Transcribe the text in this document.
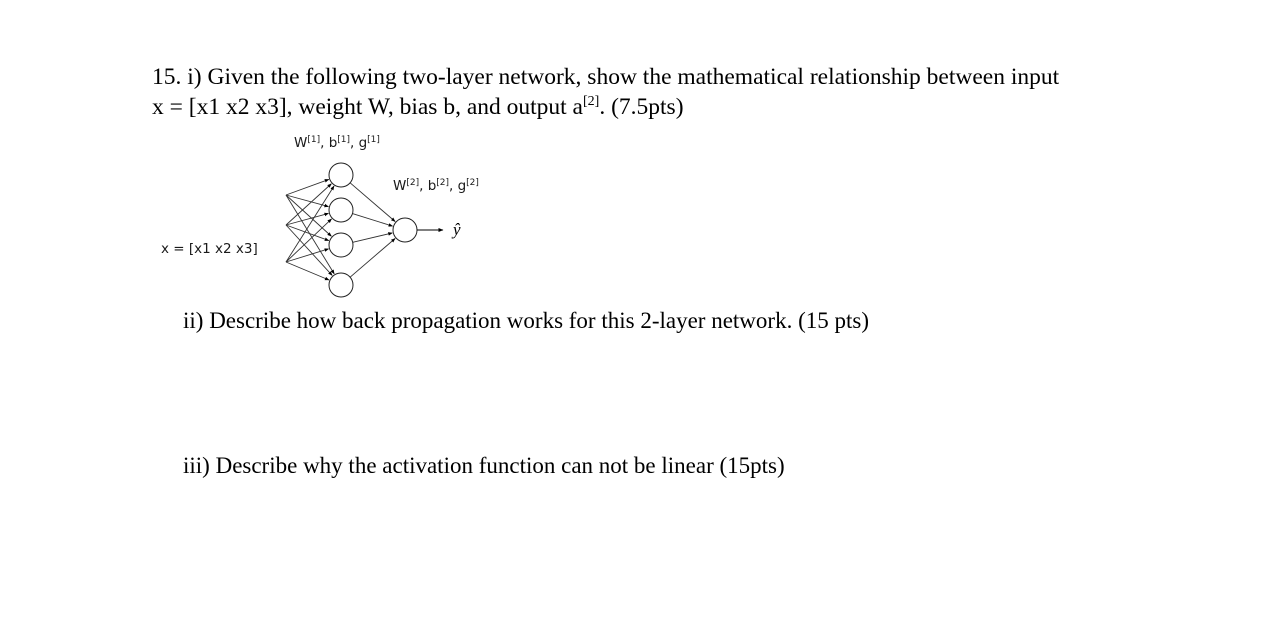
15. i) Given the following two-layer network, show the mathematical relationship between input
x = [x1 x2 x3], weight W, bias b, and output a[2]. (7.5pts)
W[1], b[1], g[1]
W[2], b[2], g[2]
x = [x1 x2 x3]
ŷ
ii) Describe how back propagation works for this 2-layer network. (15 pts)
iii) Describe why the activation function can not be linear (15pts)
